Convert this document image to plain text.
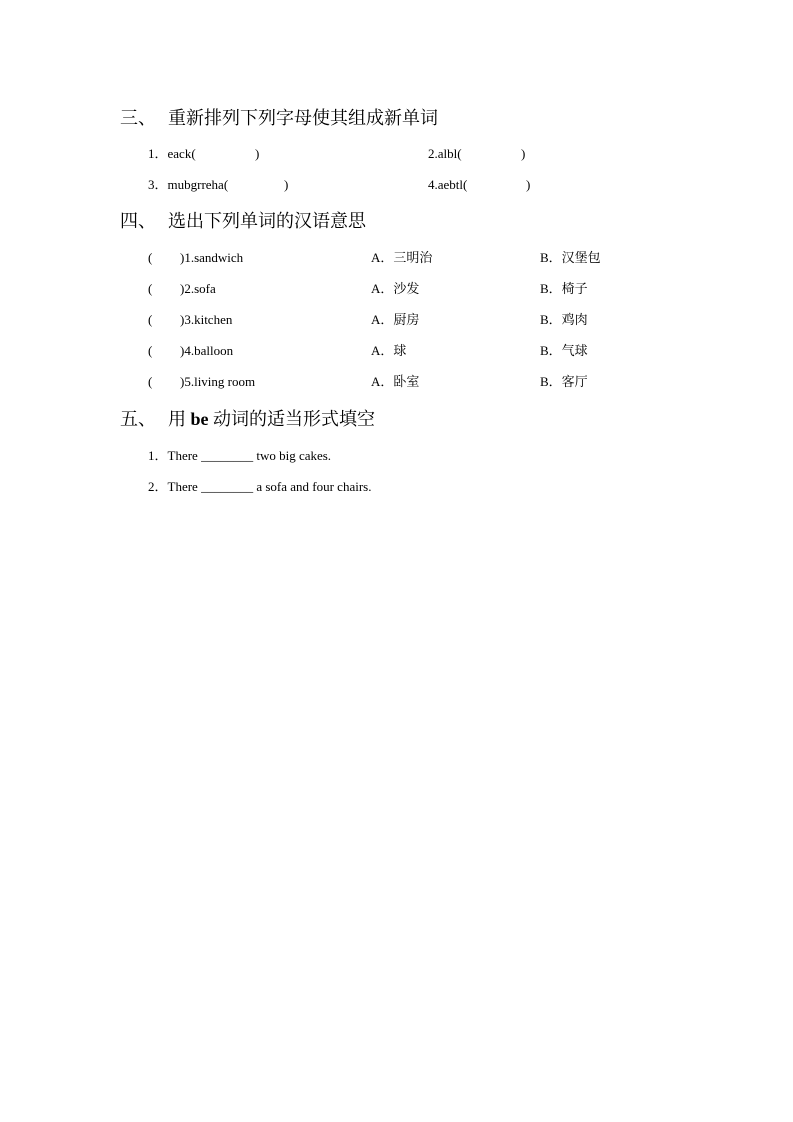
三、 重新排列下列字母使其组成新单词
1．eack(	)	2.albl(	)
3．mubgrreha(	)	4.aebtl(	)
四、 选出下列单词的汉语意思
( )1.sandwich	A．三明治	B．汉堡包
( )2.sofa	A．沙发	B．椅子
( )3.kitchen	A．厨房	B．鸡肉
( )4.balloon	A．球	B．气球
( )5.living room	A．卧室	B．客厅
五、 用 be 动词的适当形式填空
1．There ________ two big cakes.
2．There ________ a sofa and four chairs.
